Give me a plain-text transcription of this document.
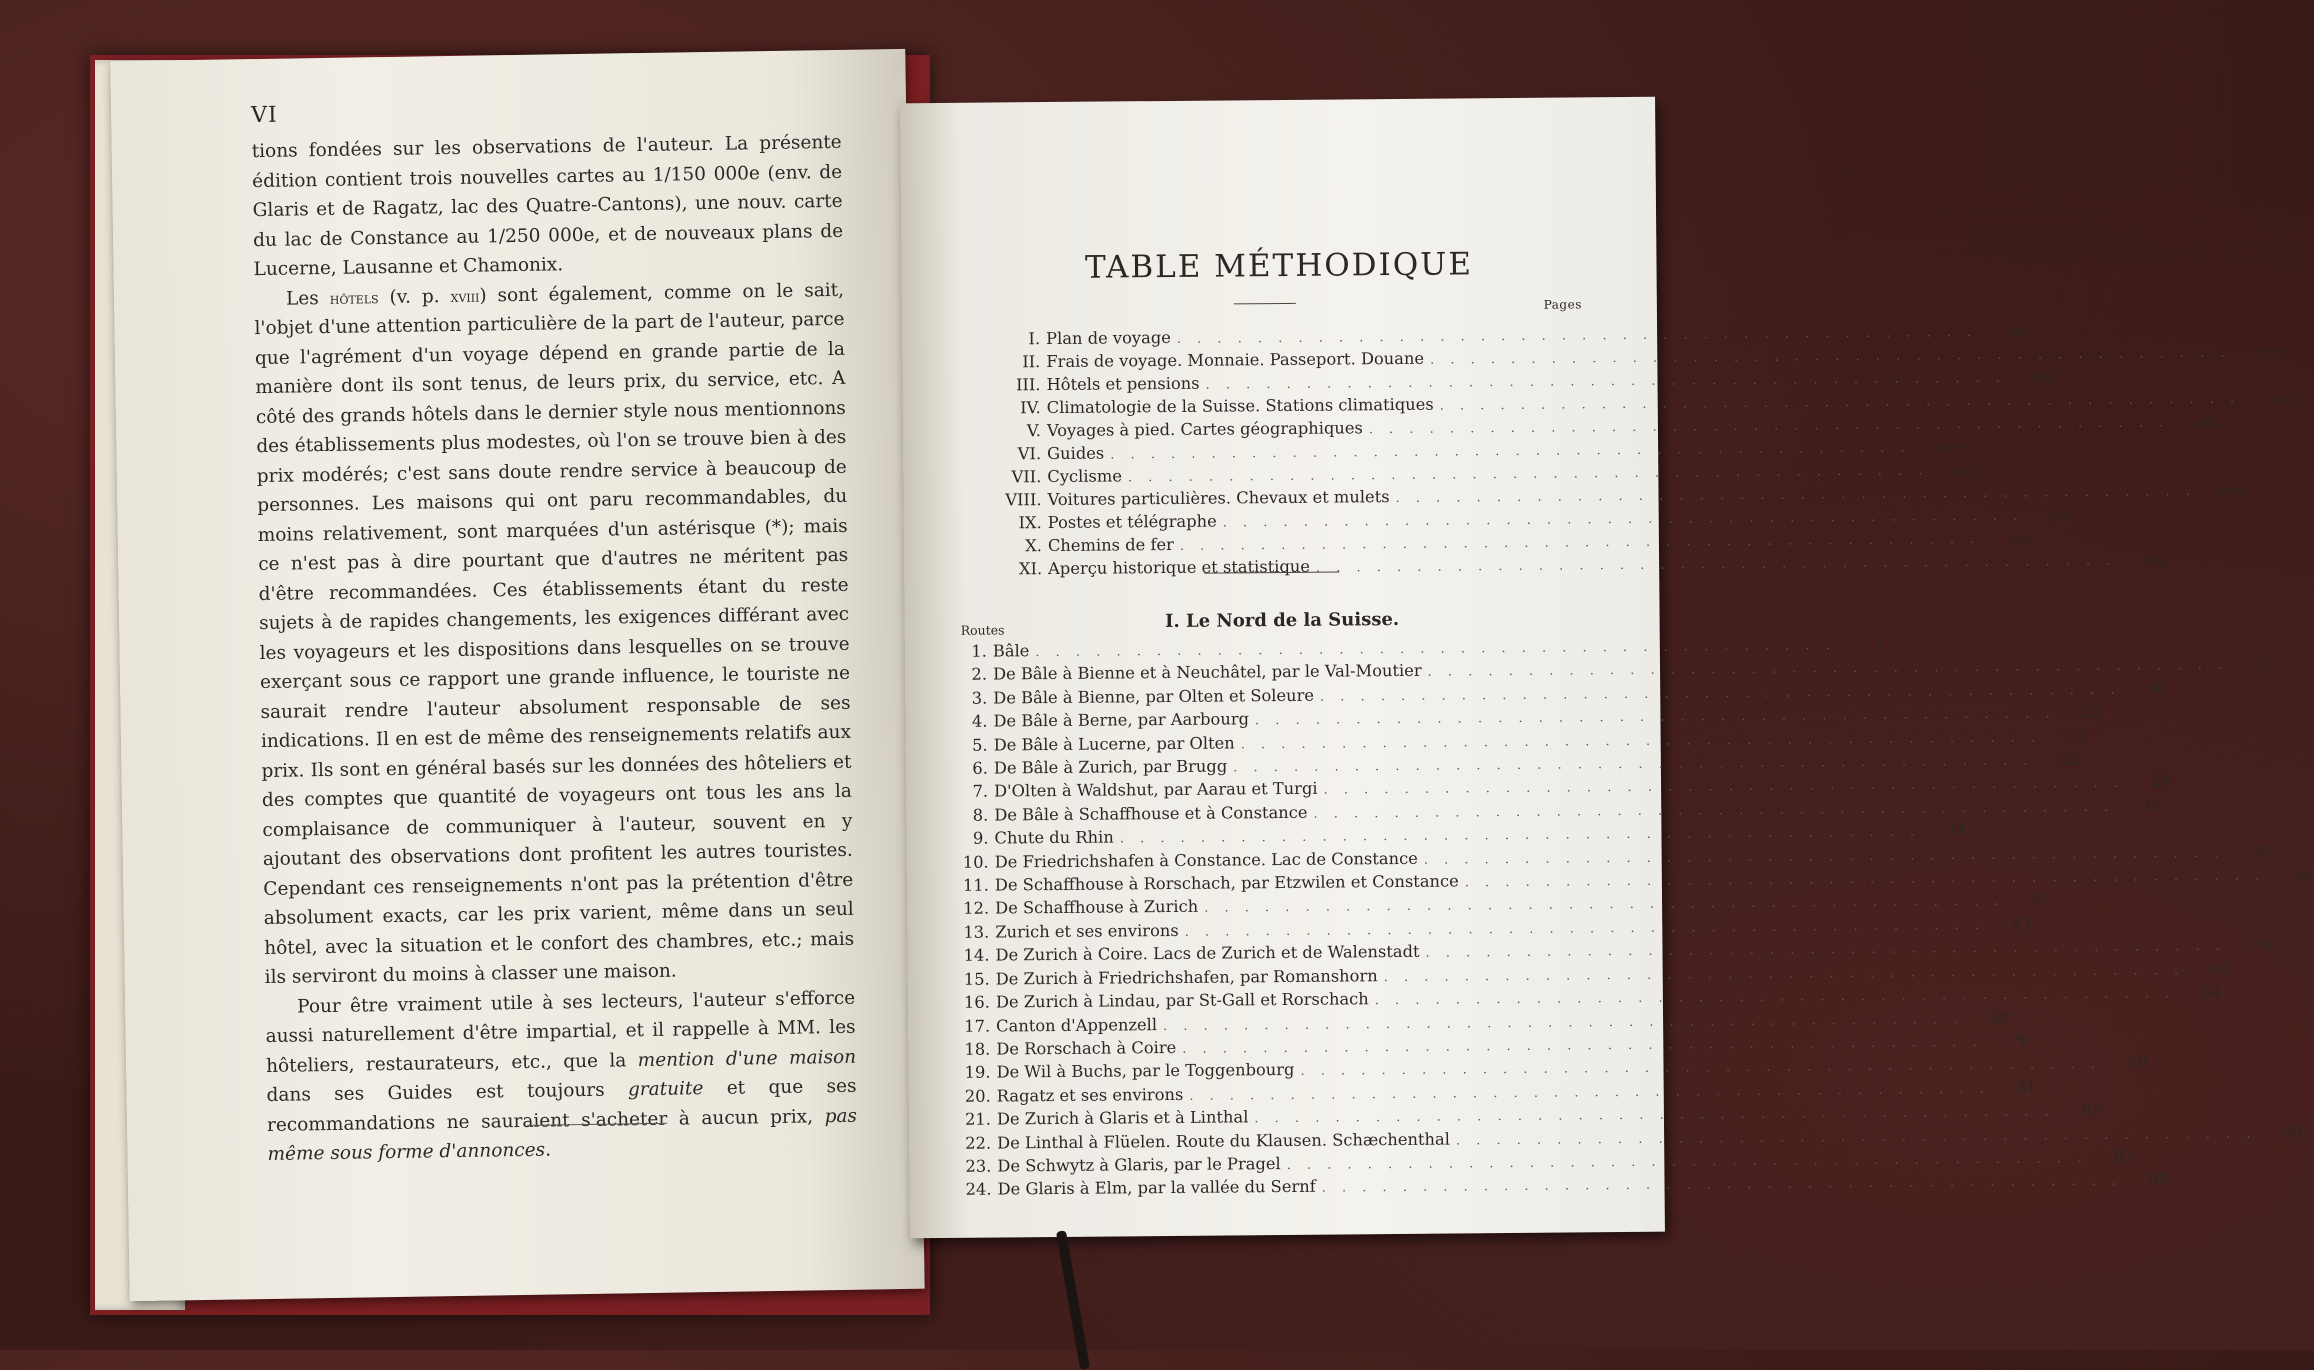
VI

tions fondées sur les observations de l'auteur. La présente édition contient trois nouvelles cartes au 1/150 000e (env. de Glaris et de Ragatz, lac des Quatre-Cantons), une nouv. carte du lac de Constance au 1/250 000e, et de nouveaux plans de Lucerne, Lausanne et Chamonix.

Les hôtels (v. p. xviii) sont également, comme on le sait, l'objet d'une attention particulière de la part de l'auteur, parce que l'agrément d'un voyage dépend en grande partie de la manière dont ils sont tenus, de leurs prix, du service, etc. A côté des grands hôtels dans le dernier style nous mentionnons des établissements plus modestes, où l'on se trouve bien à des prix modérés; c'est sans doute rendre service à beaucoup de personnes. Les maisons qui ont paru recommandables, du moins relativement, sont marquées d'un astérisque (*); mais ce n'est pas à dire pourtant que d'autres ne méritent pas d'être recommandées. Ces établissements étant du reste sujets à de rapides changements, les exigences différant avec les voyageurs et les dispositions dans lesquelles on se trouve exerçant sous ce rapport une grande influence, le touriste ne saurait rendre l'auteur absolument responsable de ses indications. Il en est de même des renseignements relatifs aux prix. Ils sont en général basés sur les données des hôteliers et des comptes que quantité de voyageurs ont tous les ans la complaisance de communiquer à l'auteur, souvent en y ajoutant des observations dont profitent les autres touristes. Cependant ces renseignements n'ont pas la prétention d'être absolument exacts, car les prix varient, même dans un seul hôtel, avec la situation et le confort des chambres, etc.; mais ils serviront du moins à classer une maison.

Pour être vraiment utile à ses lecteurs, l'auteur s'efforce aussi naturellement d'être impartial, et il rappelle à MM. les hôteliers, restaurateurs, etc., que la mention d'une maison dans ses Guides est toujours gratuite et que ses recommandations ne sauraient s'acheter à aucun prix, pas même sous forme d'annonces.

TABLE MÉTHODIQUE
Pages
I. Plan de voyage . . . . . . . . . . . . . . . . . . . . . . . . . . . . . . . . . . . . . . . .	xiii
II. Frais de voyage. Monnaie. Passeport. Douane . . . . . . . . . . . . . . . . . . . . . . . . . . . . . . . . . . . . . . . .	xvii
III. Hôtels et pensions . . . . . . . . . . . . . . . . . . . . . . . . . . . . . . . . . . . . . . . .	xviii
IV. Climatologie de la Suisse. Stations climatiques . . . . . . . . . . . . . . . . . . . . . . . . . . . . . . . . . . . . . . . .	xix
V. Voyages à pied. Cartes géographiques . . . . . . . . . . . . . . . . . . . . . . . . . . . . . . . . . . . . . . . .	xxiii
VI. Guides . . . . . . . . . . . . . . . . . . . . . . . . . . . . . . . . . . . . . . . .	xxvi
VII. Cyclisme . . . . . . . . . . . . . . . . . . . . . . . . . . . . . . . . . . . . . . . .	xxvii
VIII. Voitures particulières. Chevaux et mulets . . . . . . . . . . . . . . . . . . . . . . . . . . . . . . . . . . . . . . . .	xxviii
IX. Postes et télégraphe . . . . . . . . . . . . . . . . . . . . . . . . . . . . . . . . . . . . . . . .	xxix
X. Chemins de fer . . . . . . . . . . . . . . . . . . . . . . . . . . . . . . . . . . . . . . . .	xxx
XI. Aperçu historique et statistique . . . . . . . . . . . . . . . . . . . . . . . . . . . . . . . . . . . . . . . .	xxxi
Routes	I. Le Nord de la Suisse.
1. Bâle . . . . . . . . . . . . . . . . . . . . . . . . . . . . . . . . . . . . . . . .	3
2. De Bâle à Bienne et à Neuchâtel, par le Val-Moutier . . . . . . . . . . . . . . . . . . . . . . . . . . . . . . . . . . . . . . . .	11
3. De Bâle à Bienne, par Olten et Soleure . . . . . . . . . . . . . . . . . . . . . . . . . . . . . . . . . . . . . . . .	16
4. De Bâle à Berne, par Aarbourg . . . . . . . . . . . . . . . . . . . . . . . . . . . . . . . . . . . . . . . .	22
5. De Bâle à Lucerne, par Olten . . . . . . . . . . . . . . . . . . . . . . . . . . . . . . . . . . . . . . . .	24
6. De Bâle à Zurich, par Brugg . . . . . . . . . . . . . . . . . . . . . . . . . . . . . . . . . . . . . . . .	25
7. D'Olten à Waldshut, par Aarau et Turgi . . . . . . . . . . . . . . . . . . . . . . . . . . . . . . . . . . . . . . . .	29
8. De Bâle à Schaffhouse et à Constance . . . . . . . . . . . . . . . . . . . . . . . . . . . . . . . . . . . . . . . .	31
9. Chute du Rhin . . . . . . . . . . . . . . . . . . . . . . . . . . . . . . . . . . . . . . . .	34
10. De Friedrichshafen à Constance. Lac de Constance . . . . . . . . . . . . . . . . . . . . . . . . . . . . . . . . . . . . . . . .	36
11. De Schaffhouse à Rorschach, par Etzwilen et Constance . . . . . . . . . . . . . . . . . . . . . . . . . . . . . . . . . . . . . . . .	39
12. De Schaffhouse à Zurich . . . . . . . . . . . . . . . . . . . . . . . . . . . . . . . . . . . . . . . .	41
13. Zurich et ses environs . . . . . . . . . . . . . . . . . . . . . . . . . . . . . . . . . . . . . . . .	43
14. De Zurich à Coire. Lacs de Zurich et de Walenstadt . . . . . . . . . . . . . . . . . . . . . . . . . . . . . . . . . . . . . . . .	54
15. De Zurich à Friedrichshafen, par Romanshorn . . . . . . . . . . . . . . . . . . . . . . . . . . . . . . . . . . . . . . . .	63
16. De Zurich à Lindau, par St-Gall et Rorschach . . . . . . . . . . . . . . . . . . . . . . . . . . . . . . . . . . . . . . . .	64
17. Canton d'Appenzell . . . . . . . . . . . . . . . . . . . . . . . . . . . . . . . . . . . . . . . .	69
18. De Rorschach à Coire . . . . . . . . . . . . . . . . . . . . . . . . . . . . . . . . . . . . . . . .	76
19. De Wil à Buchs, par le Toggenbourg . . . . . . . . . . . . . . . . . . . . . . . . . . . . . . . . . . . . . . . .	78
20. Ragatz et ses environs . . . . . . . . . . . . . . . . . . . . . . . . . . . . . . . . . . . . . . . .	81
21. De Zurich à Glaris et à Linthal . . . . . . . . . . . . . . . . . . . . . . . . . . . . . . . . . . . . . . . .	85
22. De Linthal à Flüelen. Route du Klausen. Schæchenthal . . . . . . . . . . . . . . . . . . . . . . . . . . . . . . . . . . . . . . . .	90
23. De Schwytz à Glaris, par le Pragel . . . . . . . . . . . . . . . . . . . . . . . . . . . . . . . . . . . . . . . .	92
24. De Glaris à Elm, par la vallée du Sernf . . . . . . . . . . . . . . . . . . . . . . . . . . . . . . . . . . . . . . . .	95
